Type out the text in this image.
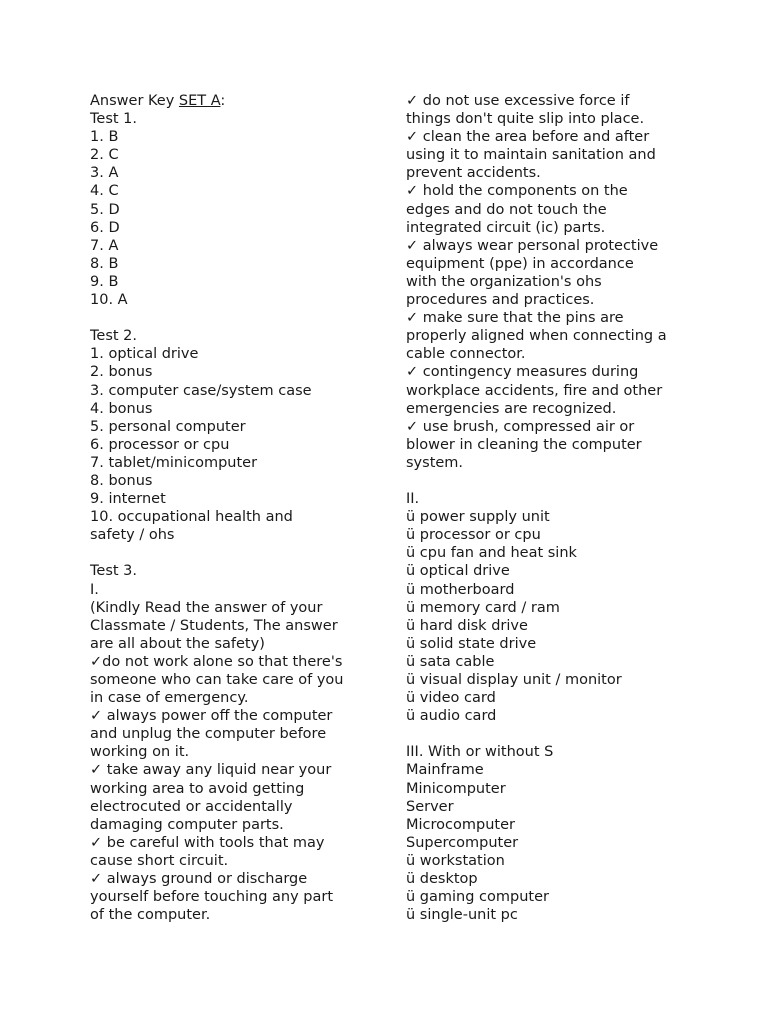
Answer Key SET A:
Test 1.
1. B
2. C
3. A
4. C
5. D
6. D
7. A
8. B
9. B
10. A
Test 2.
1. optical drive
2. bonus
3. computer case/system case
4. bonus
5. personal computer
6. processor or cpu
7. tablet/minicomputer
8. bonus
9. internet
10. occupational health and
safety / ohs
Test 3.
I.
(Kindly Read the answer of your
Classmate / Students, The answer
are all about the safety)
✓do not work alone so that there's
someone who can take care of you
in case of emergency.
✓ always power off the computer
and unplug the computer before
working on it.
✓ take away any liquid near your
working area to avoid getting
electrocuted or accidentally
damaging computer parts.
✓ be careful with tools that may
cause short circuit.
✓ always ground or discharge
yourself before touching any part
of the computer.
✓ do not use excessive force if
things don't quite slip into place.
✓ clean the area before and after
using it to maintain sanitation and
prevent accidents.
✓ hold the components on the
edges and do not touch the
integrated circuit (ic) parts.
✓ always wear personal protective
equipment (ppe) in accordance
with the organization's ohs
procedures and practices.
✓ make sure that the pins are
properly aligned when connecting a
cable connector.
✓ contingency measures during
workplace accidents, fire and other
emergencies are recognized.
✓ use brush, compressed air or
blower in cleaning the computer
system.
II.
ü power supply unit
ü processor or cpu
ü cpu fan and heat sink
ü optical drive
ü motherboard
ü memory card / ram
ü hard disk drive
ü solid state drive
ü sata cable
ü visual display unit / monitor
ü video card
ü audio card
III. With or without S
Mainframe
Minicomputer
Server
Microcomputer
Supercomputer
ü workstation
ü desktop
ü gaming computer
ü single-unit pc
